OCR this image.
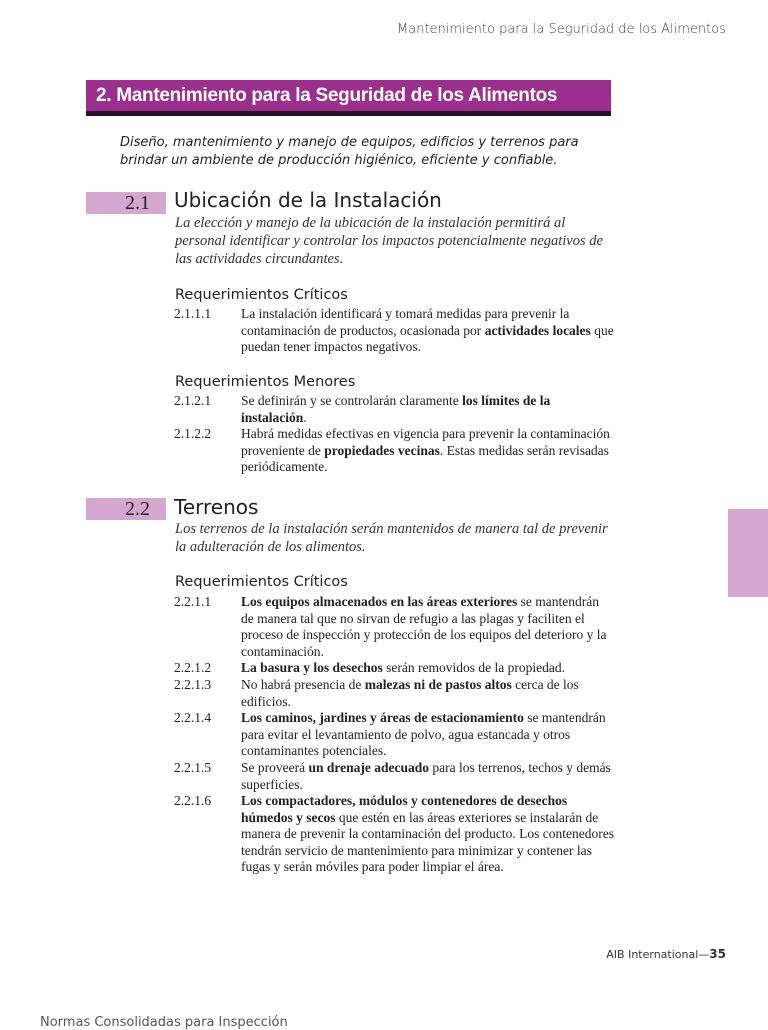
Mantenimiento para la Seguridad de los Alimentos
2. Mantenimiento para la Seguridad de los Alimentos
Diseño, mantenimiento y manejo de equipos, edificios y terrenos para brindar un ambiente de producción higiénico, eficiente y confiable.
2.1	Ubicación de la Instalación
La elección y manejo de la ubicación de la instalación permitirá al personal identificar y controlar los impactos potencialmente negativos de las actividades circundantes.
Requerimientos Críticos
2.1.1.1	La instalación identificará y tomará medidas para prevenir la contaminación de productos, ocasionada por actividades locales que puedan tener impactos negativos.
Requerimientos Menores
2.1.2.1	Se definirán y se controlarán claramente los límites de la instalación.
2.1.2.2	Habrá medidas efectivas en vigencia para prevenir la contaminación proveniente de propiedades vecinas. Estas medidas serán revisadas periódicamente.
2.2	Terrenos
Los terrenos de la instalación serán mantenidos de manera tal de prevenir la adulteración de los alimentos.
Requerimientos Críticos
2.2.1.1	Los equipos almacenados en las áreas exteriores se mantendrán de manera tal que no sirvan de refugio a las plagas y faciliten el proceso de inspección y protección de los equipos del deterioro y la contaminación.
2.2.1.2	La basura y los desechos serán removidos de la propiedad.
2.2.1.3	No habrá presencia de malezas ni de pastos altos cerca de los edificios.
2.2.1.4	Los caminos, jardines y áreas de estacionamiento se mantendrán para evitar el levantamiento de polvo, agua estancada y otros contaminantes potenciales.
2.2.1.5	Se proveerá un drenaje adecuado para los terrenos, techos y demás superficies.
2.2.1.6	Los compactadores, módulos y contenedores de desechos húmedos y secos que estén en las áreas exteriores se instalarán de manera de prevenir la contaminación del producto. Los contenedores tendrán servicio de mantenimiento para minimizar y contener las fugas y serán móviles para poder limpiar el área.
AIB International—35
Normas Consolidadas para Inspección
